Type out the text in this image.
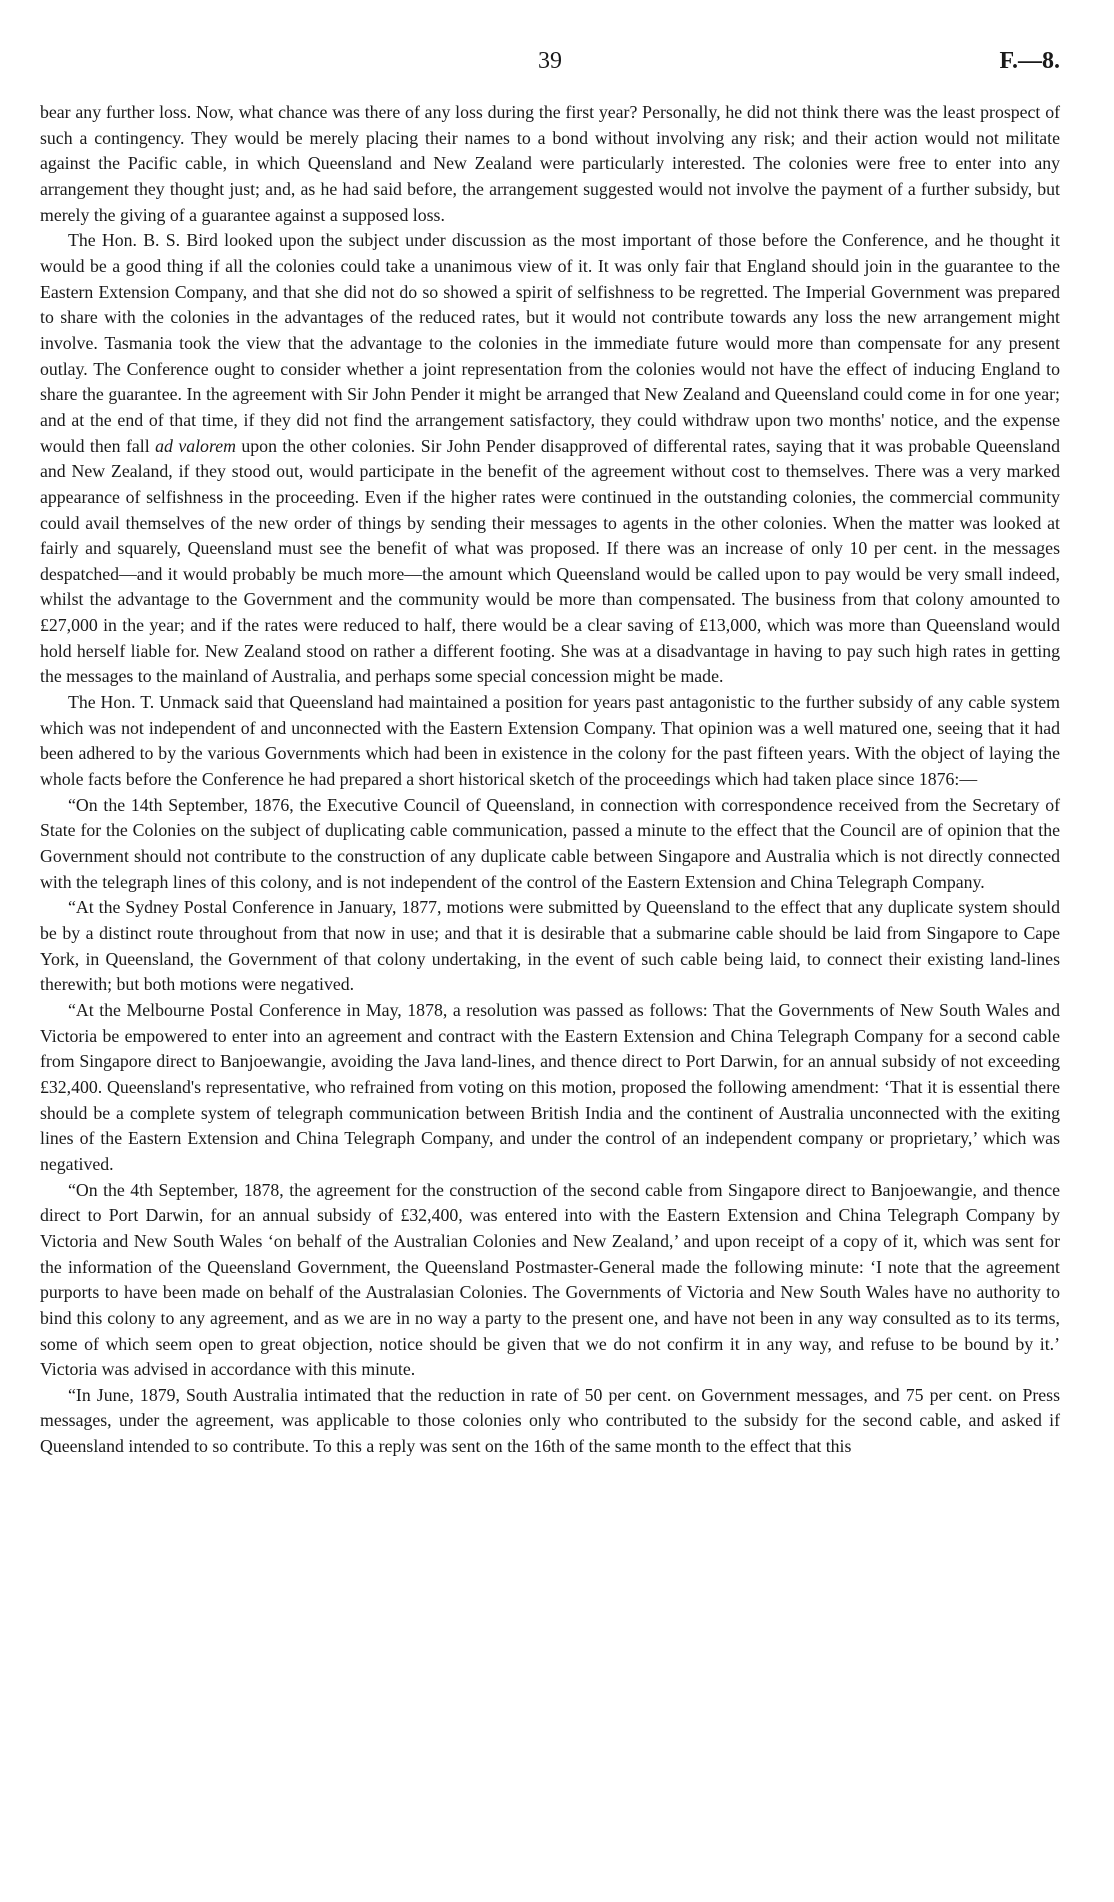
39	F.—8.

bear any further loss. Now, what chance was there of any loss during the first year? Personally, he did not think there was the least prospect of such a contingency. They would be merely placing their names to a bond without involving any risk; and their action would not militate against the Pacific cable, in which Queensland and New Zealand were particularly interested. The colonies were free to enter into any arrangement they thought just; and, as he had said before, the arrangement suggested would not involve the payment of a further subsidy, but merely the giving of a guarantee against a supposed loss.

The Hon. B. S. Bird looked upon the subject under discussion as the most important of those before the Conference, and he thought it would be a good thing if all the colonies could take a unanimous view of it. It was only fair that England should join in the guarantee to the Eastern Extension Company, and that she did not do so showed a spirit of selfishness to be regretted. The Imperial Government was prepared to share with the colonies in the advantages of the reduced rates, but it would not contribute towards any loss the new arrangement might involve. Tasmania took the view that the advantage to the colonies in the immediate future would more than compensate for any present outlay. The Conference ought to consider whether a joint representation from the colonies would not have the effect of inducing England to share the guarantee. In the agreement with Sir John Pender it might be arranged that New Zealand and Queensland could come in for one year; and at the end of that time, if they did not find the arrangement satisfactory, they could withdraw upon two months' notice, and the expense would then fall ad valorem upon the other colonies. Sir John Pender disapproved of differental rates, saying that it was probable Queensland and New Zealand, if they stood out, would participate in the benefit of the agreement without cost to themselves. There was a very marked appearance of selfishness in the proceeding. Even if the higher rates were continued in the outstanding colonies, the commercial community could avail themselves of the new order of things by sending their messages to agents in the other colonies. When the matter was looked at fairly and squarely, Queensland must see the benefit of what was proposed. If there was an increase of only 10 per cent. in the messages despatched—and it would probably be much more—the amount which Queensland would be called upon to pay would be very small indeed, whilst the advantage to the Government and the community would be more than compensated. The business from that colony amounted to £27,000 in the year; and if the rates were reduced to half, there would be a clear saving of £13,000, which was more than Queensland would hold herself liable for. New Zealand stood on rather a different footing. She was at a disadvantage in having to pay such high rates in getting the messages to the mainland of Australia, and perhaps some special concession might be made.

The Hon. T. Unmack said that Queensland had maintained a position for years past antagonistic to the further subsidy of any cable system which was not independent of and unconnected with the Eastern Extension Company. That opinion was a well matured one, seeing that it had been adhered to by the various Governments which had been in existence in the colony for the past fifteen years. With the object of laying the whole facts before the Conference he had prepared a short historical sketch of the proceedings which had taken place since 1876:—

“On the 14th September, 1876, the Executive Council of Queensland, in connection with correspondence received from the Secretary of State for the Colonies on the subject of duplicating cable communication, passed a minute to the effect that the Council are of opinion that the Government should not contribute to the construction of any duplicate cable between Singapore and Australia which is not directly connected with the telegraph lines of this colony, and is not independent of the control of the Eastern Extension and China Telegraph Company.

“At the Sydney Postal Conference in January, 1877, motions were submitted by Queensland to the effect that any duplicate system should be by a distinct route throughout from that now in use; and that it is desirable that a submarine cable should be laid from Singapore to Cape York, in Queensland, the Government of that colony undertaking, in the event of such cable being laid, to connect their existing land-lines therewith; but both motions were negatived.

“At the Melbourne Postal Conference in May, 1878, a resolution was passed as follows: That the Governments of New South Wales and Victoria be empowered to enter into an agreement and contract with the Eastern Extension and China Telegraph Company for a second cable from Singapore direct to Banjoewangie, avoiding the Java land-lines, and thence direct to Port Darwin, for an annual subsidy of not exceeding £32,400. Queensland's representative, who refrained from voting on this motion, proposed the following amendment: ‘That it is essential there should be a complete system of telegraph communication between British India and the continent of Australia unconnected with the exiting lines of the Eastern Extension and China Telegraph Company, and under the control of an independent company or proprietary,’ which was negatived.

“On the 4th September, 1878, the agreement for the construction of the second cable from Singapore direct to Banjoewangie, and thence direct to Port Darwin, for an annual subsidy of £32,400, was entered into with the Eastern Extension and China Telegraph Company by Victoria and New South Wales ‘on behalf of the Australian Colonies and New Zealand,’ and upon receipt of a copy of it, which was sent for the information of the Queensland Government, the Queensland Postmaster-General made the following minute: ‘I note that the agreement purports to have been made on behalf of the Australasian Colonies. The Governments of Victoria and New South Wales have no authority to bind this colony to any agreement, and as we are in no way a party to the present one, and have not been in any way consulted as to its terms, some of which seem open to great objection, notice should be given that we do not confirm it in any way, and refuse to be bound by it.’ Victoria was advised in accordance with this minute.

“In June, 1879, South Australia intimated that the reduction in rate of 50 per cent. on Government messages, and 75 per cent. on Press messages, under the agreement, was applicable to those colonies only who contributed to the subsidy for the second cable, and asked if Queensland intended to so contribute. To this a reply was sent on the 16th of the same month to the effect that this
